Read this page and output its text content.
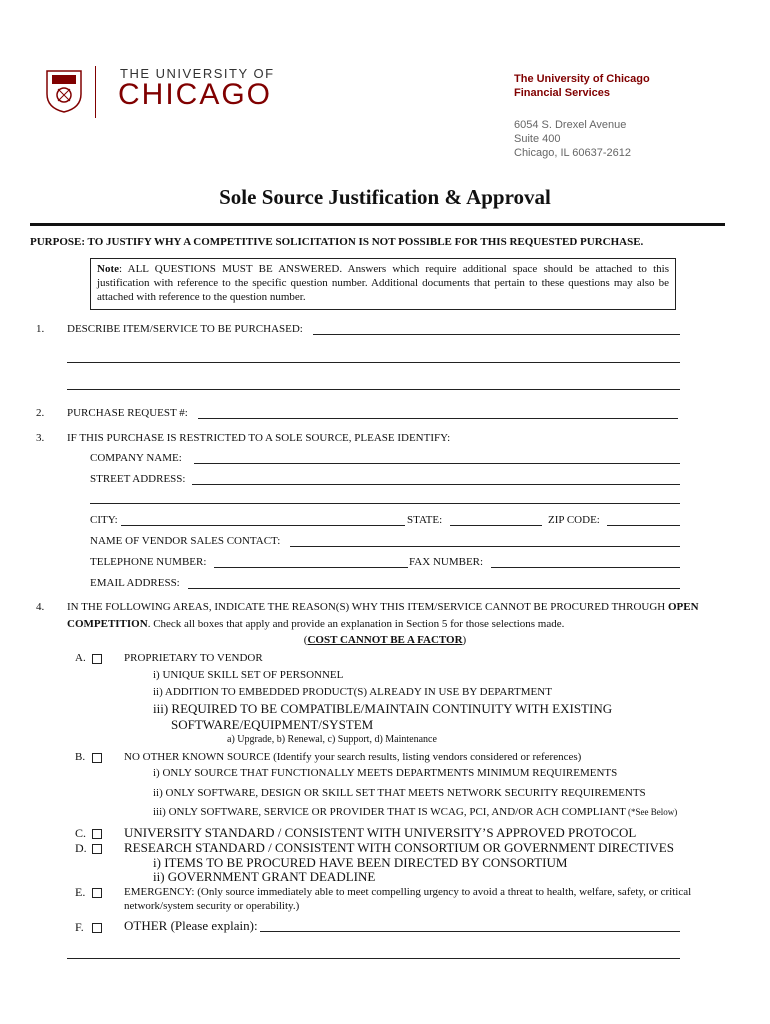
THE UNIVERSITY OF
CHICAGO	The University of Chicago
Financial Services
6054 S. Drexel Avenue
Suite 400
Chicago, IL 60637-2612
Sole Source Justification & Approval
PURPOSE: TO JUSTIFY WHY A COMPETITIVE SOLICITATION IS NOT POSSIBLE FOR THIS REQUESTED PURCHASE.
Note: ALL QUESTIONS MUST BE ANSWERED. Answers which require additional space should be attached to this justification with reference to the specific question number. Additional documents that pertain to these questions may also be attached with reference to the question number.
1. DESCRIBE ITEM/SERVICE TO BE PURCHASED:
2. PURCHASE REQUEST #:
3. IF THIS PURCHASE IS RESTRICTED TO A SOLE SOURCE, PLEASE IDENTIFY:
COMPANY NAME:
STREET ADDRESS:
CITY:	STATE:	ZIP CODE:
NAME OF VENDOR SALES CONTACT:
TELEPHONE NUMBER:	FAX NUMBER:
EMAIL ADDRESS:
4. IN THE FOLLOWING AREAS, INDICATE THE REASON(S) WHY THIS ITEM/SERVICE CANNOT BE PROCURED THROUGH OPEN
COMPETITION. Check all boxes that apply and provide an explanation in Section 5 for those selections made.
(COST CANNOT BE A FACTOR)
A.	PROPRIETARY TO VENDOR
i) UNIQUE SKILL SET OF PERSONNEL
ii) ADDITION TO EMBEDDED PRODUCT(S) ALREADY IN USE BY DEPARTMENT
iii) REQUIRED TO BE COMPATIBLE/MAINTAIN CONTINUITY WITH EXISTING
SOFTWARE/EQUIPMENT/SYSTEM
a) Upgrade, b) Renewal, c) Support, d) Maintenance
B.	NO OTHER KNOWN SOURCE (Identify your search results, listing vendors considered or references)
i) ONLY SOURCE THAT FUNCTIONALLY MEETS DEPARTMENTS MINIMUM REQUIREMENTS
ii) ONLY SOFTWARE, DESIGN OR SKILL SET THAT MEETS NETWORK SECURITY REQUIREMENTS
iii) ONLY SOFTWARE, SERVICE OR PROVIDER THAT IS WCAG, PCI, AND/OR ACH COMPLIANT (*See Below)
C.	UNIVERSITY STANDARD / CONSISTENT WITH UNIVERSITY’S APPROVED PROTOCOL
D.	RESEARCH STANDARD / CONSISTENT WITH CONSORTIUM OR GOVERNMENT DIRECTIVES
i) ITEMS TO BE PROCURED HAVE BEEN DIRECTED BY CONSORTIUM
ii) GOVERNMENT GRANT DEADLINE
E.	EMERGENCY: (Only source immediately able to meet compelling urgency to avoid a threat to health, welfare, safety, or critical
network/system security or operability.)
F.	OTHER (Please explain):
